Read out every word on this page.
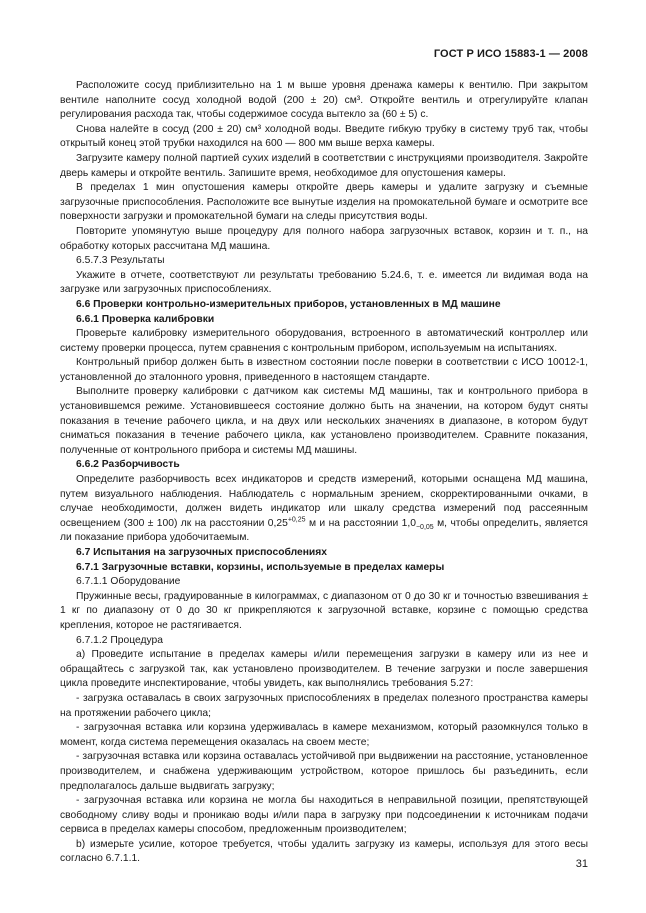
ГОСТ Р ИСО 15883-1 — 2008

Расположите сосуд приблизительно на 1 м выше уровня дренажа камеры к вентилю. При закрытом вентиле наполните сосуд холодной водой (200 ± 20) см³. Откройте вентиль и отрегулируйте клапан регулирования расхода так, чтобы содержимое сосуда вытекло за (60 ± 5) с.

Снова налейте в сосуд (200 ± 20) см³ холодной воды. Введите гибкую трубку в систему труб так, чтобы открытый конец этой трубки находился на 600 — 800 мм выше верха камеры.

Загрузите камеру полной партией сухих изделий в соответствии с инструкциями производителя. Закройте дверь камеры и откройте вентиль. Запишите время, необходимое для опустошения камеры.

В пределах 1 мин опустошения камеры откройте дверь камеры и удалите загрузку и съемные загрузочные приспособления. Расположите все вынутые изделия на промокательной бумаге и осмотрите все поверхности загрузки и промокательной бумаги на следы присутствия воды.

Повторите упомянутую выше процедуру для полного набора загрузочных вставок, корзин и т. п., на обработку которых рассчитана МД машина.

6.5.7.3 Результаты

Укажите в отчете, соответствуют ли результаты требованию 5.24.6, т. е. имеется ли видимая вода на загрузке или загрузочных приспособлениях.

6.6 Проверки контрольно-измерительных приборов, установленных в МД машине

6.6.1 Проверка калибровки

Проверьте калибровку измерительного оборудования, встроенного в автоматический контроллер или систему проверки процесса, путем сравнения с контрольным прибором, используемым на испытаниях.

Контрольный прибор должен быть в известном состоянии после поверки в соответствии с ИСО 10012-1, установленной до эталонного уровня, приведенного в настоящем стандарте.

Выполните проверку калибровки с датчиком как системы МД машины, так и контрольного прибора в установившемся режиме. Установившееся состояние должно быть на значении, на котором будут сняты показания в течение рабочего цикла, и на двух или нескольких значениях в диапазоне, в котором будут сниматься показания в течение рабочего цикла, как установлено производителем. Сравните показания, полученные от контрольного прибора и системы МД машины.

6.6.2 Разборчивость

Определите разборчивость всех индикаторов и средств измерений, которыми оснащена МД машина, путем визуального наблюдения. Наблюдатель с нормальным зрением, скорректированными очками, в случае необходимости, должен видеть индикатор или шкалу средства измерений под рассеянным освещением (300 ± 100) лк на расстоянии $0,25^{+0,25}$ м и на расстоянии $1,0_{-0,05}$ м, чтобы определить, является ли показание прибора удобочитаемым.

6.7 Испытания на загрузочных приспособлениях

6.7.1 Загрузочные вставки, корзины, используемые в пределах камеры

6.7.1.1 Оборудование

Пружинные весы, градуированные в килограммах, с диапазоном от 0 до 30 кг и точностью взвешивания ± 1 кг по диапазону от 0 до 30 кг прикрепляются к загрузочной вставке, корзине с помощью средства крепления, которое не растягивается.

6.7.1.2 Процедура

а) Проведите испытание в пределах камеры и/или перемещения загрузки в камеру или из нее и обращайтесь с загрузкой так, как установлено производителем. В течение загрузки и после завершения цикла проведите инспектирование, чтобы увидеть, как выполнялись требования 5.27:

- загрузка оставалась в своих загрузочных приспособлениях в пределах полезного пространства камеры на протяжении рабочего цикла;

- загрузочная вставка или корзина удерживалась в камере механизмом, который разомкнулся только в момент, когда система перемещения оказалась на своем месте;

- загрузочная вставка или корзина оставалась устойчивой при выдвижении на расстояние, установленное производителем, и снабжена удерживающим устройством, которое пришлось бы разъединить, если предполагалось дальше выдвигать загрузку;

- загрузочная вставка или корзина не могла бы находиться в неправильной позиции, препятствующей свободному сливу воды и проникаю воды и/или пара в загрузку при подсоединении к источникам подачи сервиса в пределах камеры способом, предложенным производителем;

b) измерьте усилие, которое требуется, чтобы удалить загрузку из камеры, используя для этого весы согласно 6.7.1.1.	31
